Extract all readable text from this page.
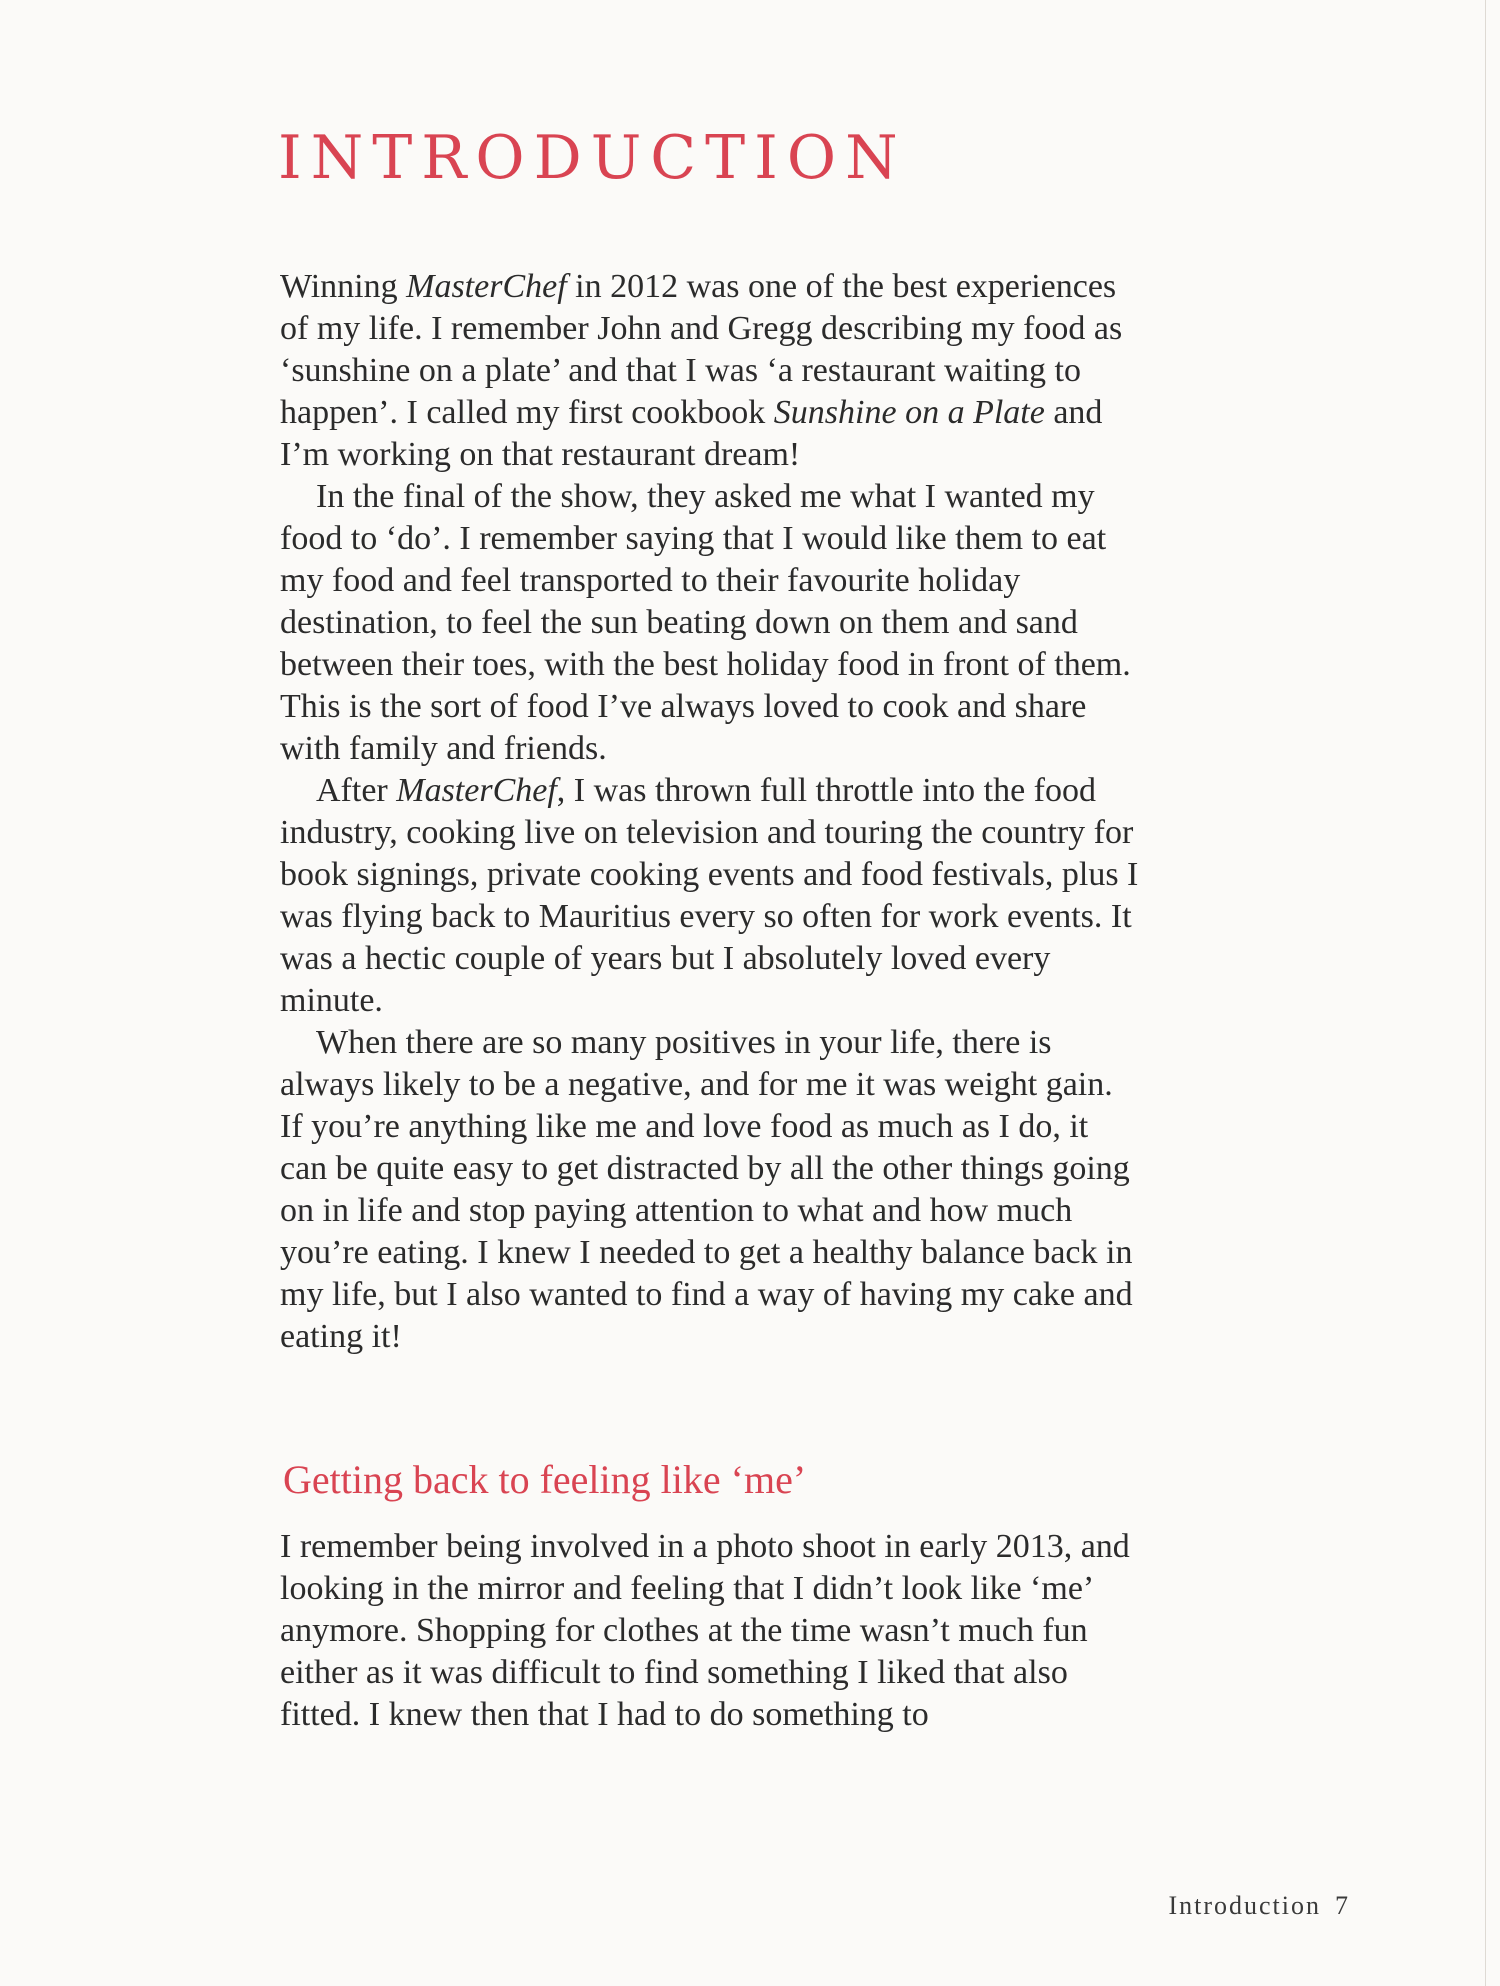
INTRODUCTION

Winning MasterChef in 2012 was one of the best experiences of my life. I remember John and Gregg describing my food as ‘sunshine on a plate’ and that I was ‘a restaurant waiting to happen’. I called my first cookbook Sunshine on a Plate and I’m working on that restaurant dream!

In the final of the show, they asked me what I wanted my food to ‘do’. I remember saying that I would like them to eat my food and feel transported to their favourite holiday destination, to feel the sun beating down on them and sand between their toes, with the best holiday food in front of them. This is the sort of food I’ve always loved to cook and share with family and friends.

After MasterChef, I was thrown full throttle into the food industry, cooking live on television and touring the country for book signings, private cooking events and food festivals, plus I was flying back to Mauritius every so often for work events. It was a hectic couple of years but I absolutely loved every minute.

When there are so many positives in your life, there is always likely to be a negative, and for me it was weight gain. If you’re anything like me and love food as much as I do, it can be quite easy to get distracted by all the other things going on in life and stop paying attention to what and how much you’re eating. I knew I needed to get a healthy balance back in my life, but I also wanted to find a way of having my cake and eating it!

Getting back to feeling like ‘me’

I remember being involved in a photo shoot in early 2013, and looking in the mirror and feeling that I didn’t look like ‘me’ anymore. Shopping for clothes at the time wasn’t much fun either as it was difficult to find something I liked that also fitted. I knew then that I had to do something to

Introduction 7
